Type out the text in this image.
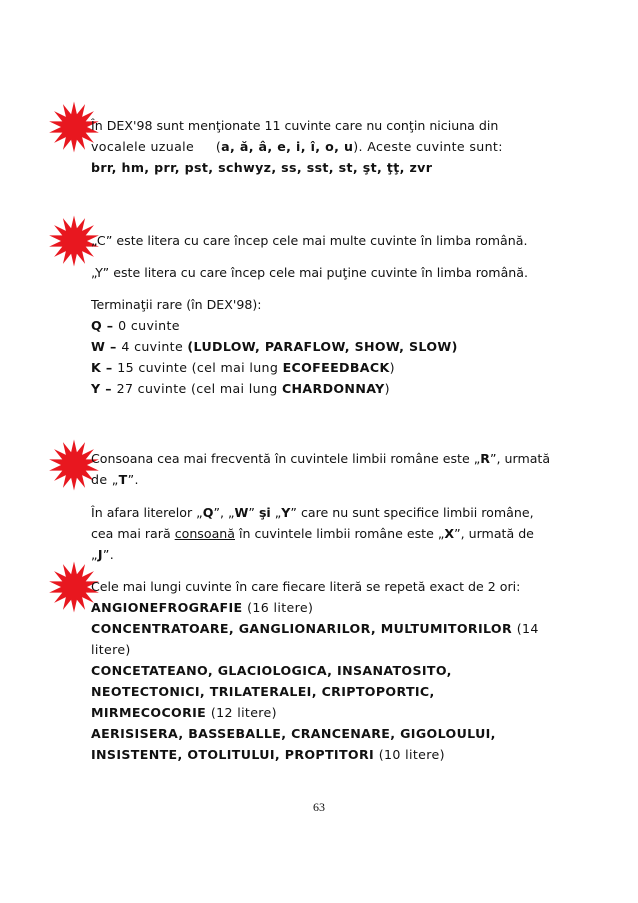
În DEX'98 sunt menţionate 11 cuvinte care nu conţin niciuna din
vocalele uzuale     (a, ă, â, e, i, î, o, u). Aceste cuvinte sunt:
brr, hm, prr, pst, schwyz, ss, sst, st, şt, ţţ, zvr
„C” este litera cu care încep cele mai multe cuvinte în limba română.
„Y” este litera cu care încep cele mai puţine cuvinte în limba română.
Terminaţii rare (în DEX'98):
Q – 0 cuvinte
W – 4 cuvinte (LUDLOW, PARAFLOW, SHOW, SLOW)
K – 15 cuvinte (cel mai lung ECOFEEDBACK)
Y – 27 cuvinte (cel mai lung CHARDONNAY)
Consoana cea mai frecventă în cuvintele limbii române este „R”, urmată
de „T”.
În afara literelor „Q”, „W” şi „Y” care nu sunt specifice limbii române,
cea mai rară consoană în cuvintele limbii române este „X”, urmată de
„J”.
Cele mai lungi cuvinte în care fiecare literă se repetă exact de 2 ori:
ANGIONEFROGRAFIE (16 litere)
CONCENTRATOARE, GANGLIONARILOR, MULTUMITORILOR (14
litere)
CONCETATEANO, GLACIOLOGICA, INSANATOSITO,
NEOTECTONICI, TRILATERALEI, CRIPTOPORTIC,
MIRMECOCORIE (12 litere)
AERISISERA, BASSEBALLE, CRANCENARE, GIGOLOULUI,
INSISTENTE, OTOLITULUI, PROPTITORI (10 litere)
63
